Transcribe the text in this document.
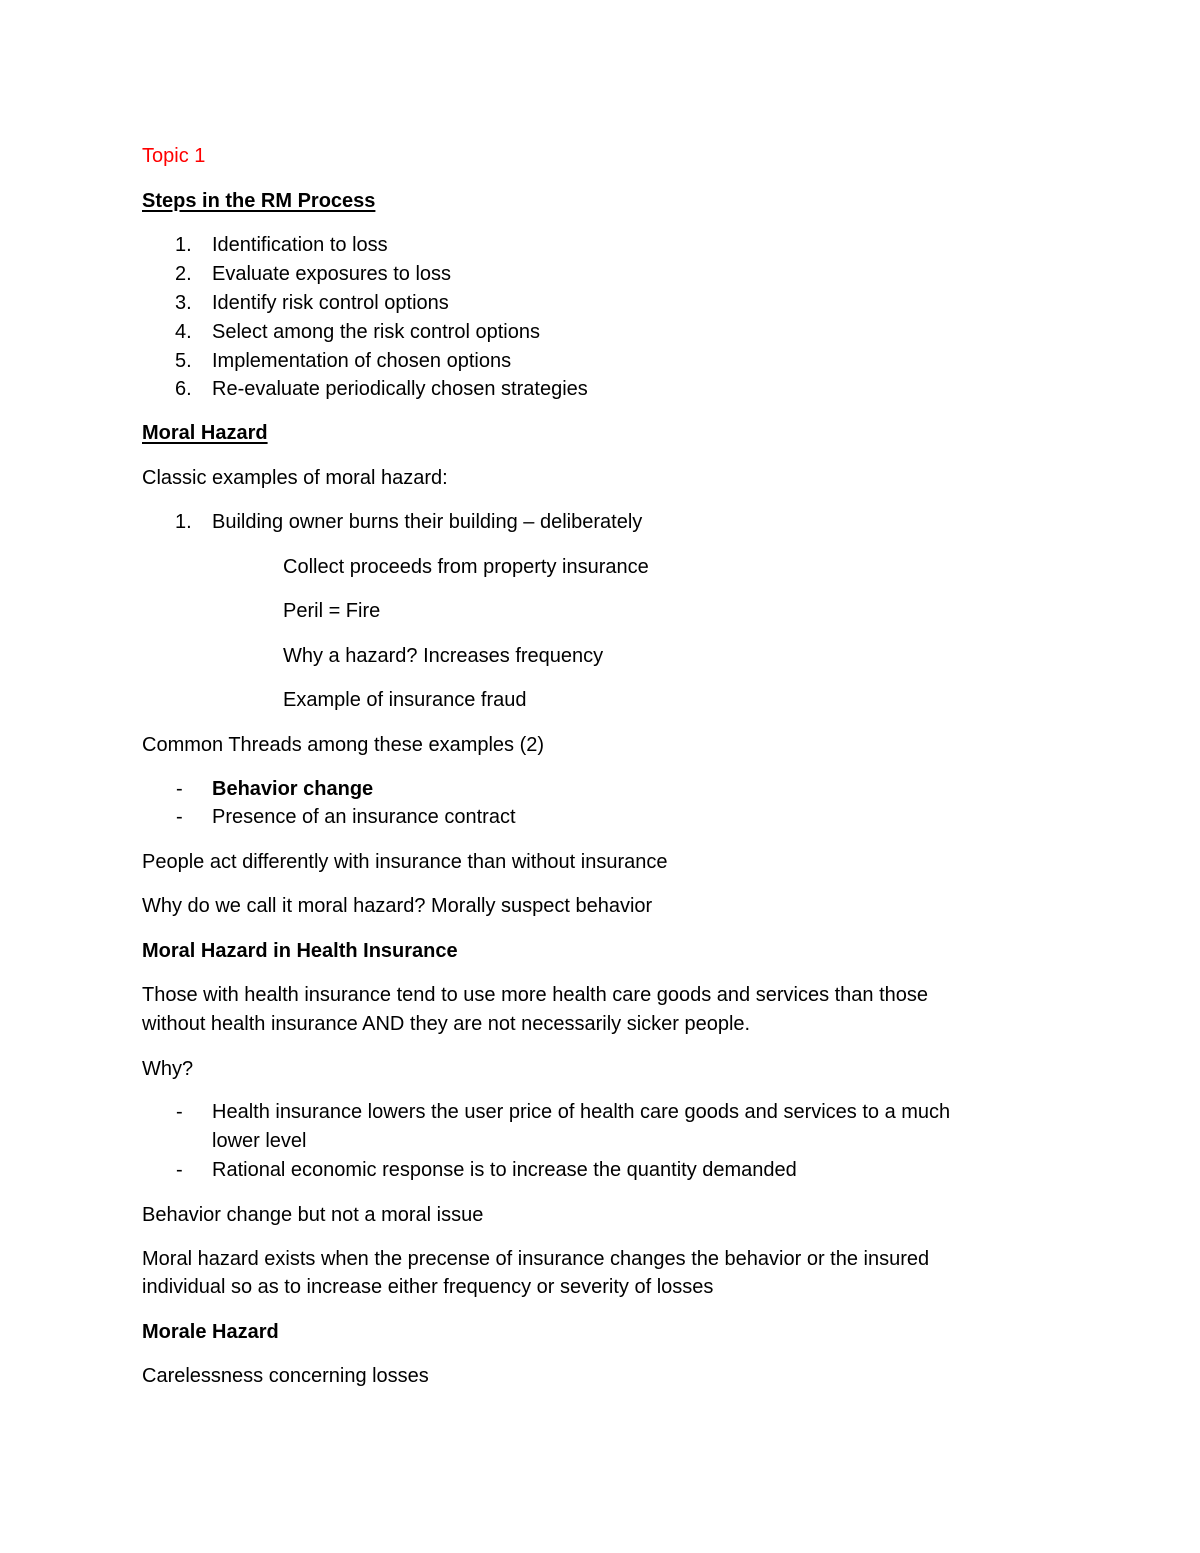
Topic 1
Steps in the RM Process
1. Identification to loss
2. Evaluate exposures to loss
3. Identify risk control options
4. Select among the risk control options
5. Implementation of chosen options
6. Re-evaluate periodically chosen strategies
Moral Hazard
Classic examples of moral hazard:
1. Building owner burns their building – deliberately
Collect proceeds from property insurance
Peril = Fire
Why a hazard? Increases frequency
Example of insurance fraud
Common Threads among these examples (2)
- Behavior change
- Presence of an insurance contract
People act differently with insurance than without insurance
Why do we call it moral hazard? Morally suspect behavior
Moral Hazard in Health Insurance
Those with health insurance tend to use more health care goods and services than those
without health insurance AND they are not necessarily sicker people.
Why?
- Health insurance lowers the user price of health care goods and services to a much
lower level
- Rational economic response is to increase the quantity demanded
Behavior change but not a moral issue
Moral hazard exists when the precense of insurance changes the behavior or the insured
individual so as to increase either frequency or severity of losses
Morale Hazard
Carelessness concerning losses
